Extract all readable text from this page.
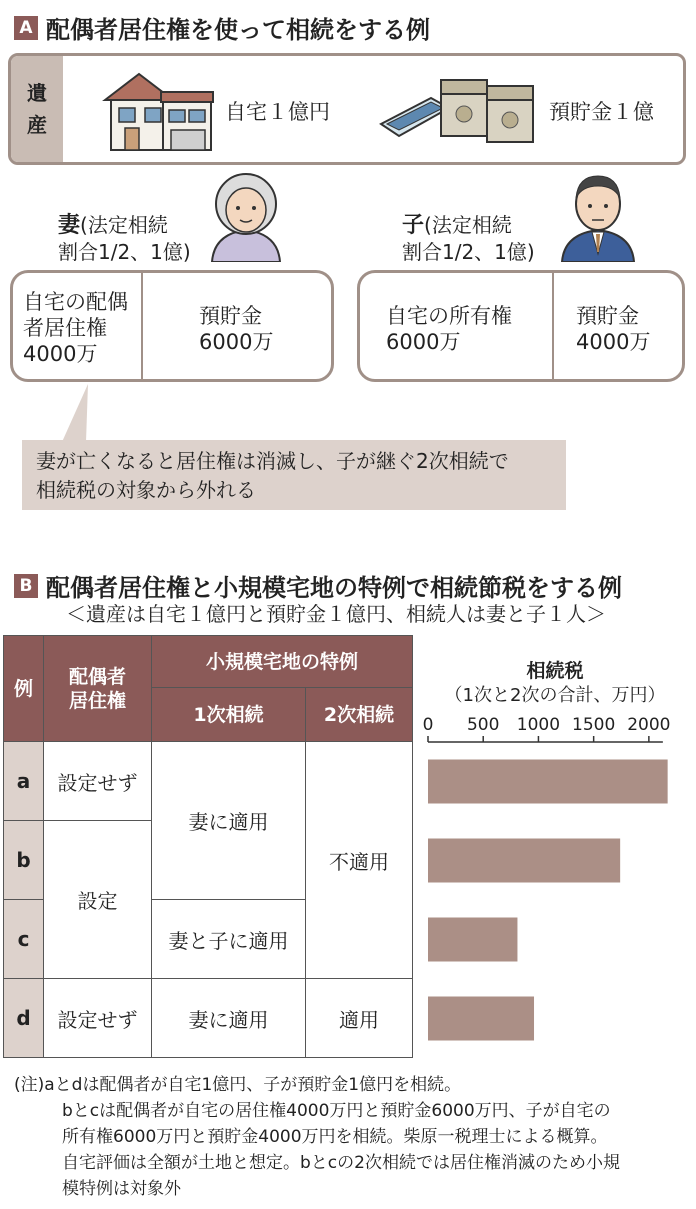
A 配偶者居住権を使って相続をする例
遺
産
自宅１億円	預貯金１億
妻(法定相続
割合1/2、1億)
子(法定相続
割合1/2、1億)
自宅の配偶
者居住権
4000万
預貯金
6000万
自宅の所有権
6000万
預貯金
4000万
妻が亡くなると居住権は消滅し、子が継ぐ2次相続で
相続税の対象から外れる
B 配偶者居住権と小規模宅地の特例で相続節税をする例
＜遺産は自宅１億円と預貯金１億円、相続人は妻と子１人＞
例	配偶者
居住権	小規模宅地の特例	
		1次相続	2次相続
a	設定せず	妻に適用	不適用
b	設定		
c		妻と子に適用	
d	設定せず	妻に適用	適用
相続税
（1次と2次の合計、万円）
0 500 1000 1500 2000
(注)aとdは配偶者が自宅1億円、子が預貯金1億円を相続。
bとcは配偶者が自宅の居住権4000万円と預貯金6000万円、子が自宅の
所有権6000万円と預貯金4000万円を相続。柴原一税理士による概算。
自宅評価は全額が土地と想定。bとcの2次相続では居住権消滅のため小規
模特例は対象外
